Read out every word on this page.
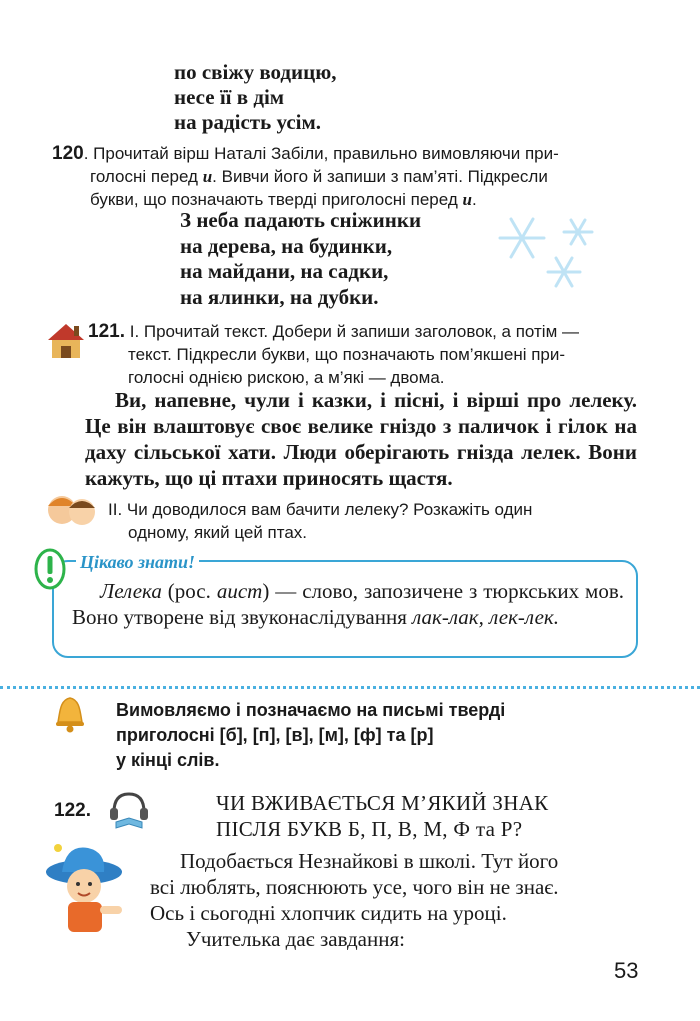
по свіжу водицю,
несе її в дім
на радість усім.
120. Прочитай вірш Наталі Забіли, правильно вимовляючи при-
голосні перед и. Вивчи його й запиши з пам’яті. Підкресли
букви, що позначають тверді приголосні перед и.
З неба падають сніжинки
на дерева, на будинки,
на майдани, на садки,
на ялинки, на дубки.
121. I. Прочитай текст. Добери й запиши заголовок, а потім —
текст. Підкресли букви, що позначають пом’якшені при-
голосні однією рискою, а м’які — двома.
Ви, напевне, чули і казки, і пісні, і вірші про лелеку. Це він влаштовує своє велике гніздо з паличок і гілок на даху сільської хати. Люди оберігають гнізда лелек. Вони кажуть, що ці птахи приносять щастя.
II. Чи доводилося вам бачити лелеку? Розкажіть один
одному, який цей птах.
Цікаво знати!
Лелека (рос. аист) — слово, запозичене з тюркських мов. Воно утворене від звуконаслідування лак-лак, лек-лек.
Вимовляємо і позначаємо на письмі тверді
приголосні [б], [п], [в], [м], [ф] та [р]
у кінці слів.
122.	ЧИ ВЖИВАЄТЬСЯ М’ЯКИЙ ЗНАК
ПІСЛЯ БУКВ Б, П, В, М, Ф та Р?
Подобається Незнайкові в школі. Тут його
всі люблять, пояснюють усе, чого він не знає.
Ось і сьогодні хлопчик сидить на уроці.
Учителька дає завдання:
53
